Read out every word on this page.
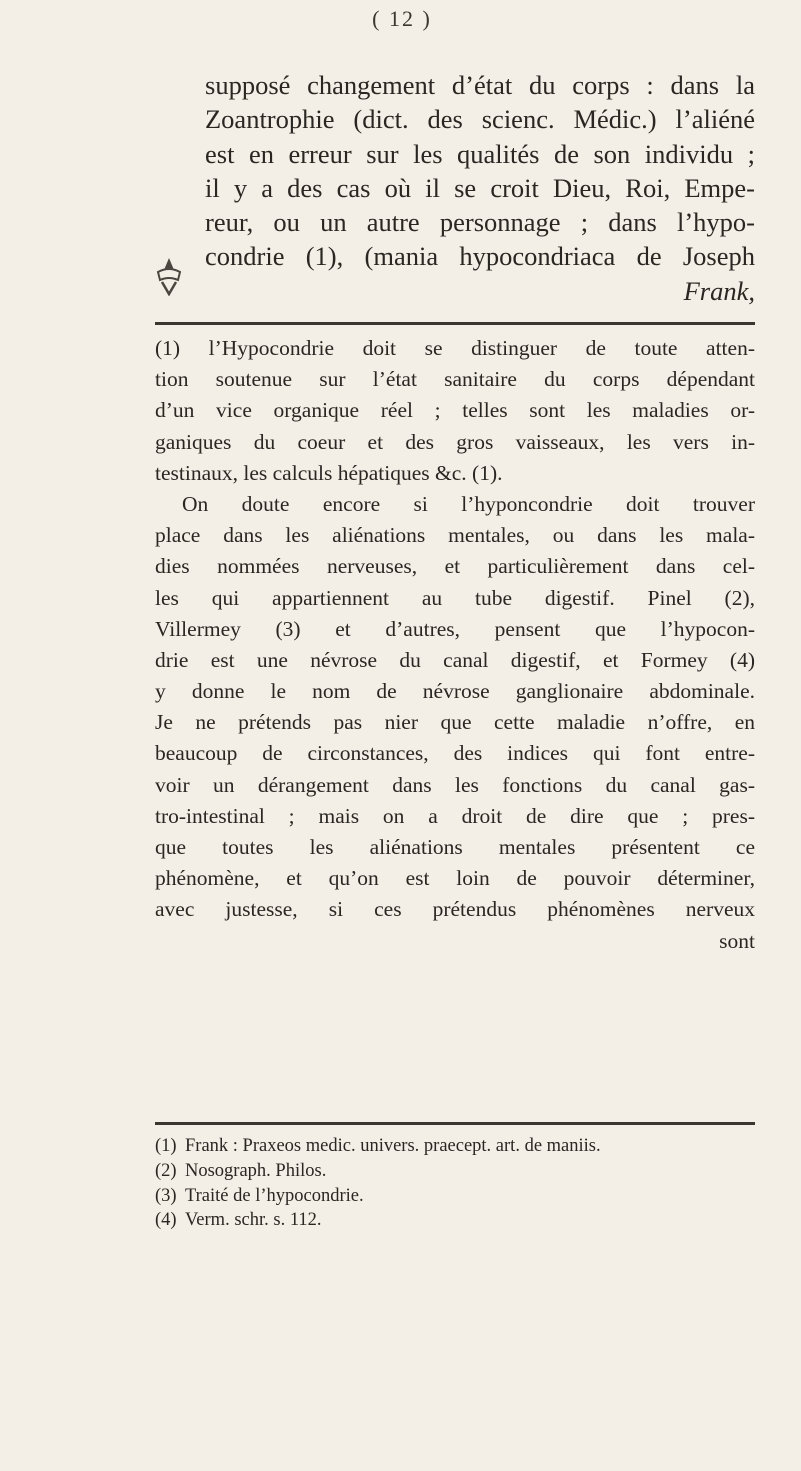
( 12 )
supposé changement d’état du corps : dans la
Zoantrophie (dict. des scienc. Médic.) l’aliéné
est en erreur sur les qualités de son individu ;
il y a des cas où il se croit Dieu, Roi, Empe-
reur, ou un autre personnage ; dans l’hypo-
condrie (1), (mania hypocondriaca de Joseph
Frank,
(1) l’Hypocondrie doit se distinguer de toute atten-
tion soutenue sur l’état sanitaire du corps dépendant
d’un vice organique réel ; telles sont les maladies or-
ganiques du coeur et des gros vaisseaux, les vers in-
testinaux, les calculs hépatiques &c. (1).
On doute encore si l’hyponcondrie doit trouver
place dans les aliénations mentales, ou dans les mala-
dies nommées nerveuses, et particulièrement dans cel-
les qui appartiennent au tube digestif. Pinel (2),
Villermey (3) et d’autres, pensent que l’hypocon-
drie est une névrose du canal digestif, et Formey (4)
y donne le nom de névrose ganglionaire abdominale.
Je ne prétends pas nier que cette maladie n’offre, en
beaucoup de circonstances, des indices qui font entre-
voir un dérangement dans les fonctions du canal gas-
tro-intestinal ; mais on a droit de dire que ; pres-
que toutes les aliénations mentales présentent ce
phénomène, et qu’on est loin de pouvoir déterminer,
avec justesse, si ces prétendus phénomènes nerveux
sont
(1) Frank : Praxeos medic. univers. praecept. art. de maniis.
(2) Nosograph. Philos.
(3) Traité de l’hypocondrie.
(4) Verm. schr. s. 112.
